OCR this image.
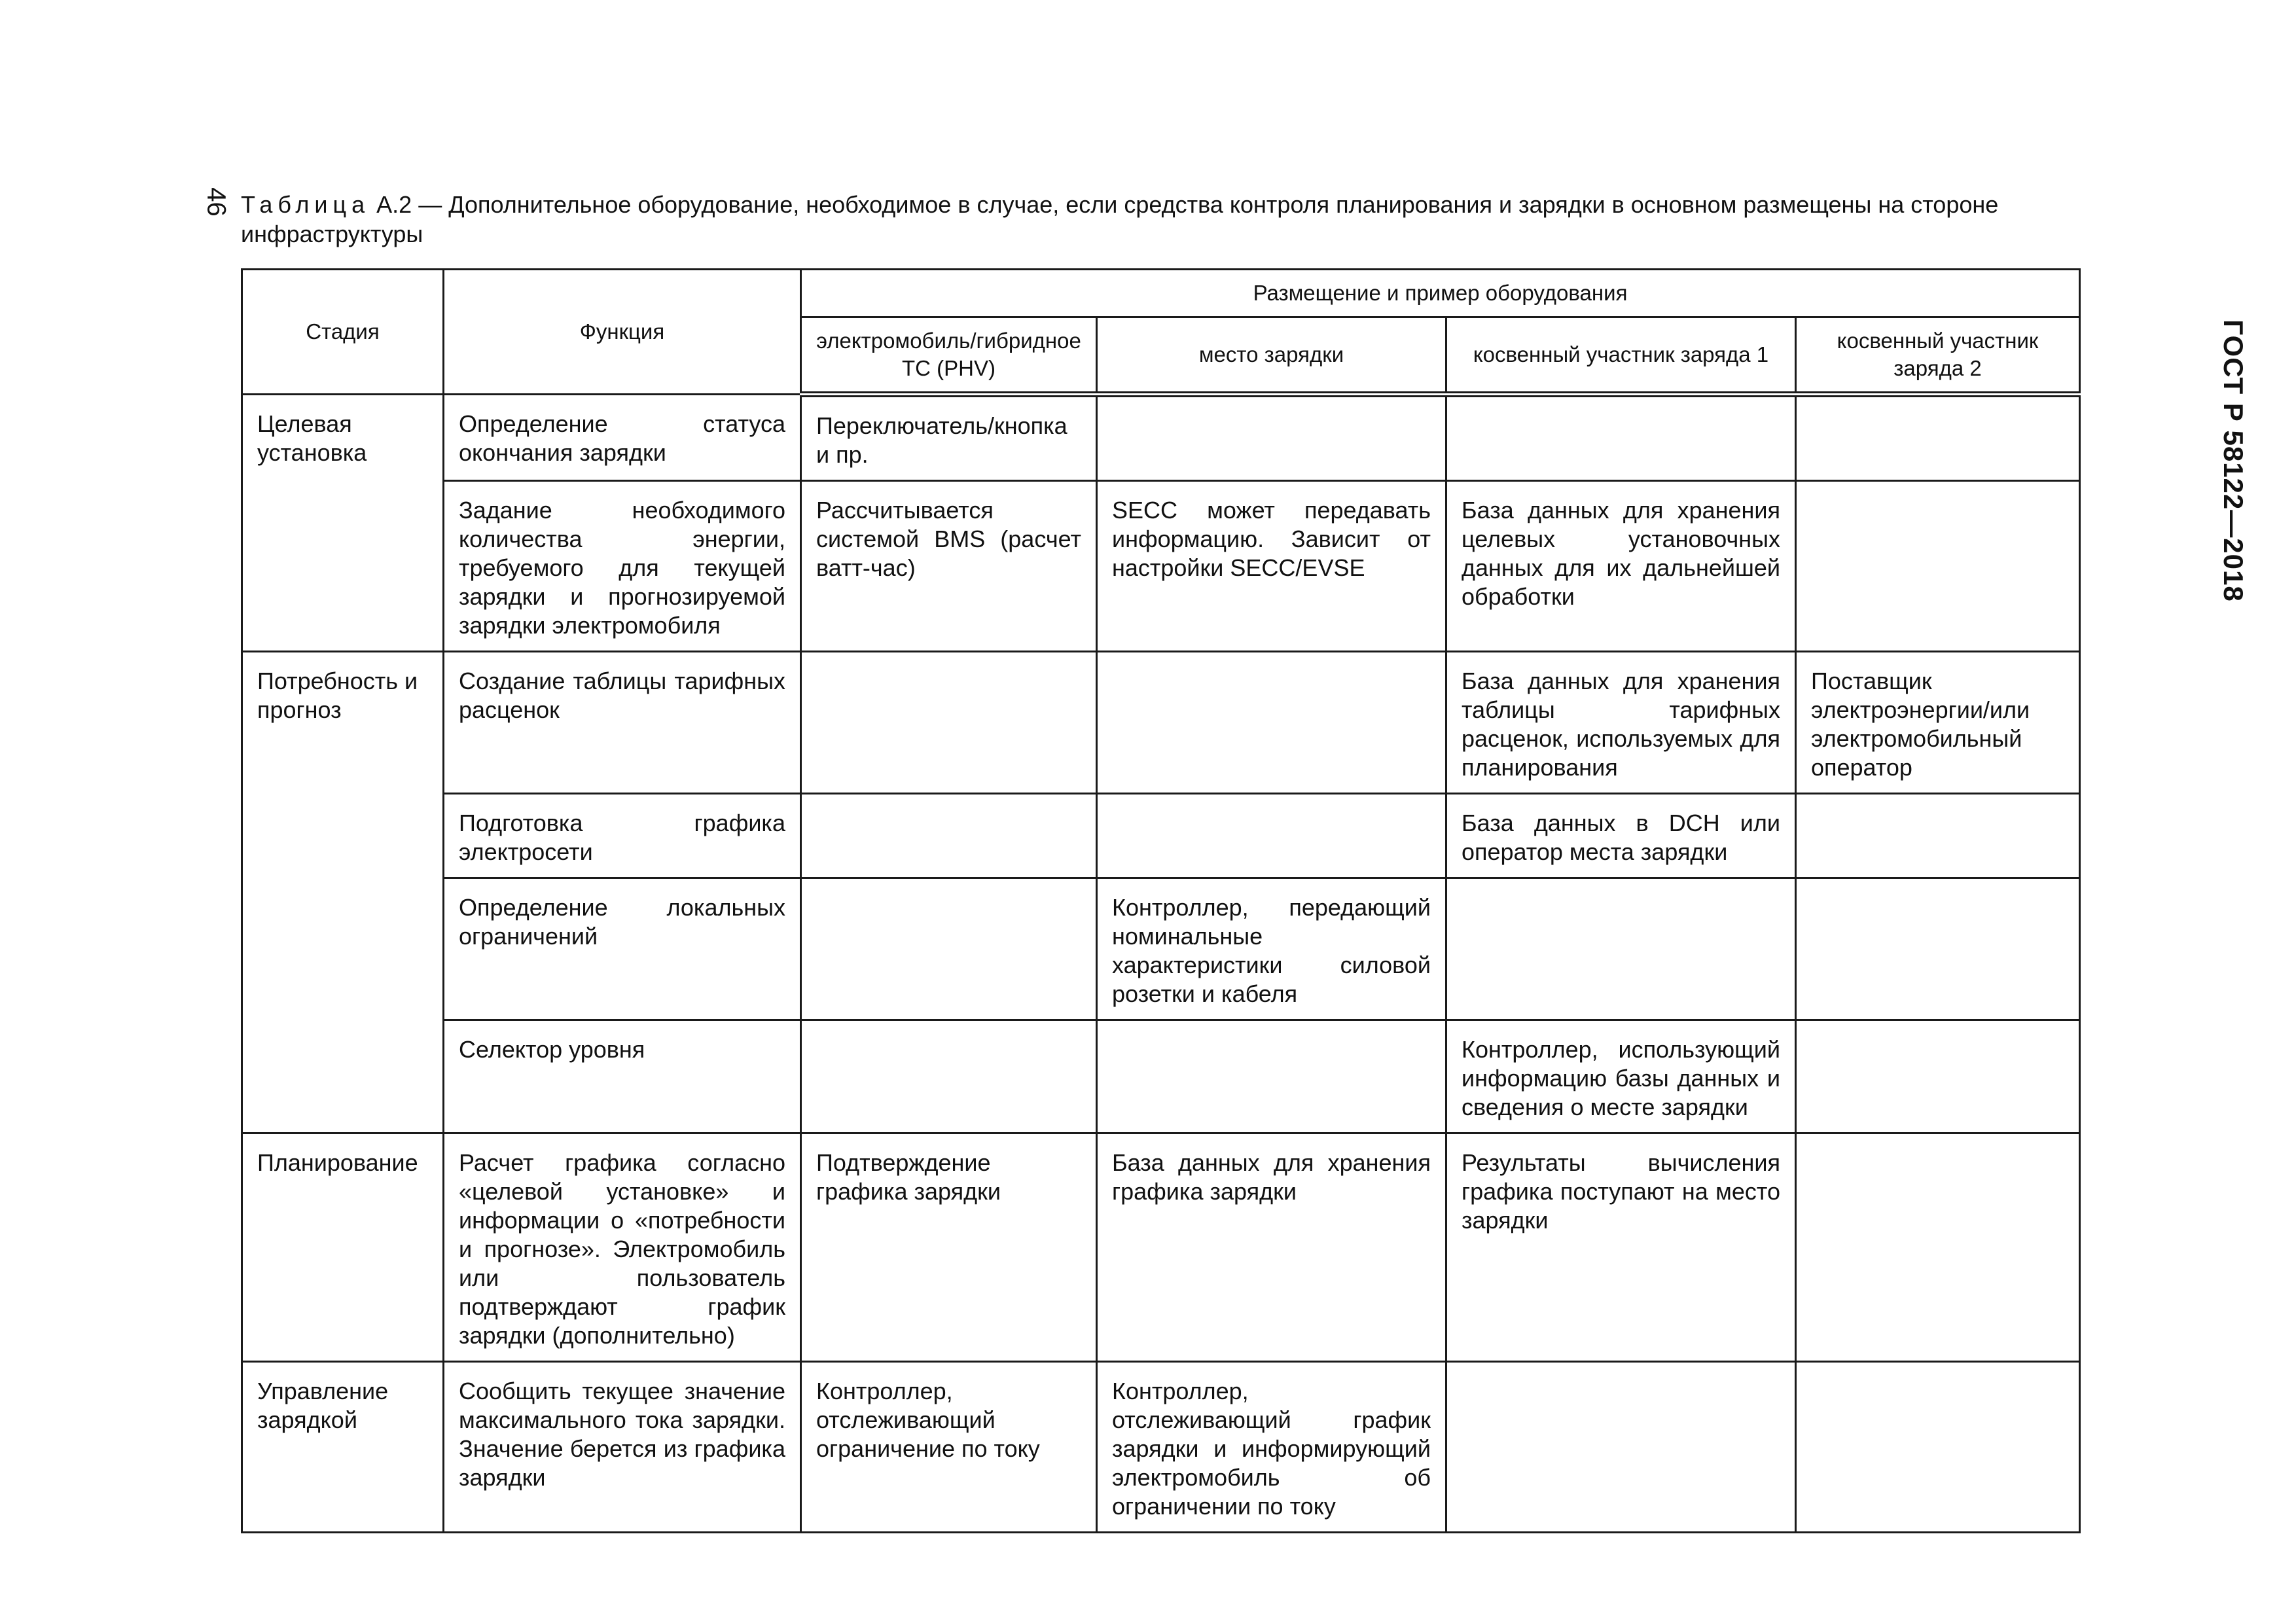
46
ГОСТ Р 58122—2018
Таблица А.2 — Дополнительное оборудование, необходимое в случае, если средства контроля планирования и зарядки в основном размещены на стороне инфраструктуры
Стадия	Функция	Размещение и пример оборудования			
		электромобиль/гибридное ТС (PHV)	место зарядки	косвенный участник заряда 1	косвенный участник заряда 2
Целевая установка	Определение статуса окончания зарядки	Переключатель/кнопка и пр.			
	Задание необходимого количества энергии, требуемого для текущей зарядки и прогнозируемой зарядки электромобиля	Рассчитывается системой BMS (расчет ватт-час)	SECC может передавать информацию. Зависит от настройки SECC/EVSE	База данных для хранения целевых установочных данных для их дальнейшей обработки	
Потребность и прогноз	Создание таблицы тарифных расценок			База данных для хранения таблицы тарифных расценок, используемых для планирования	Поставщик электроэнергии/или электромобильный оператор
	Подготовка графика электросети			База данных в DCH или оператор места зарядки	
	Определение локальных ограничений		Контроллер, передающий номинальные характеристики силовой розетки и кабеля		
	Селектор уровня			Контроллер, использующий информацию базы данных и сведения о месте зарядки	
Планирование	Расчет графика согласно «целевой установке» и информации о «потребности и прогнозе». Электромобиль или пользователь подтверждают график зарядки (дополнительно)	Подтверждение графика зарядки	База данных для хранения графика зарядки	Результаты вычисления графика поступают на место зарядки	
Управление зарядкой	Сообщить текущее значение максимального тока зарядки. Значение берется из графика зарядки	Контроллер, отслеживающий ограничение по току	Контроллер, отслеживающий график зарядки и информирующий электромобиль об ограничении по току		
